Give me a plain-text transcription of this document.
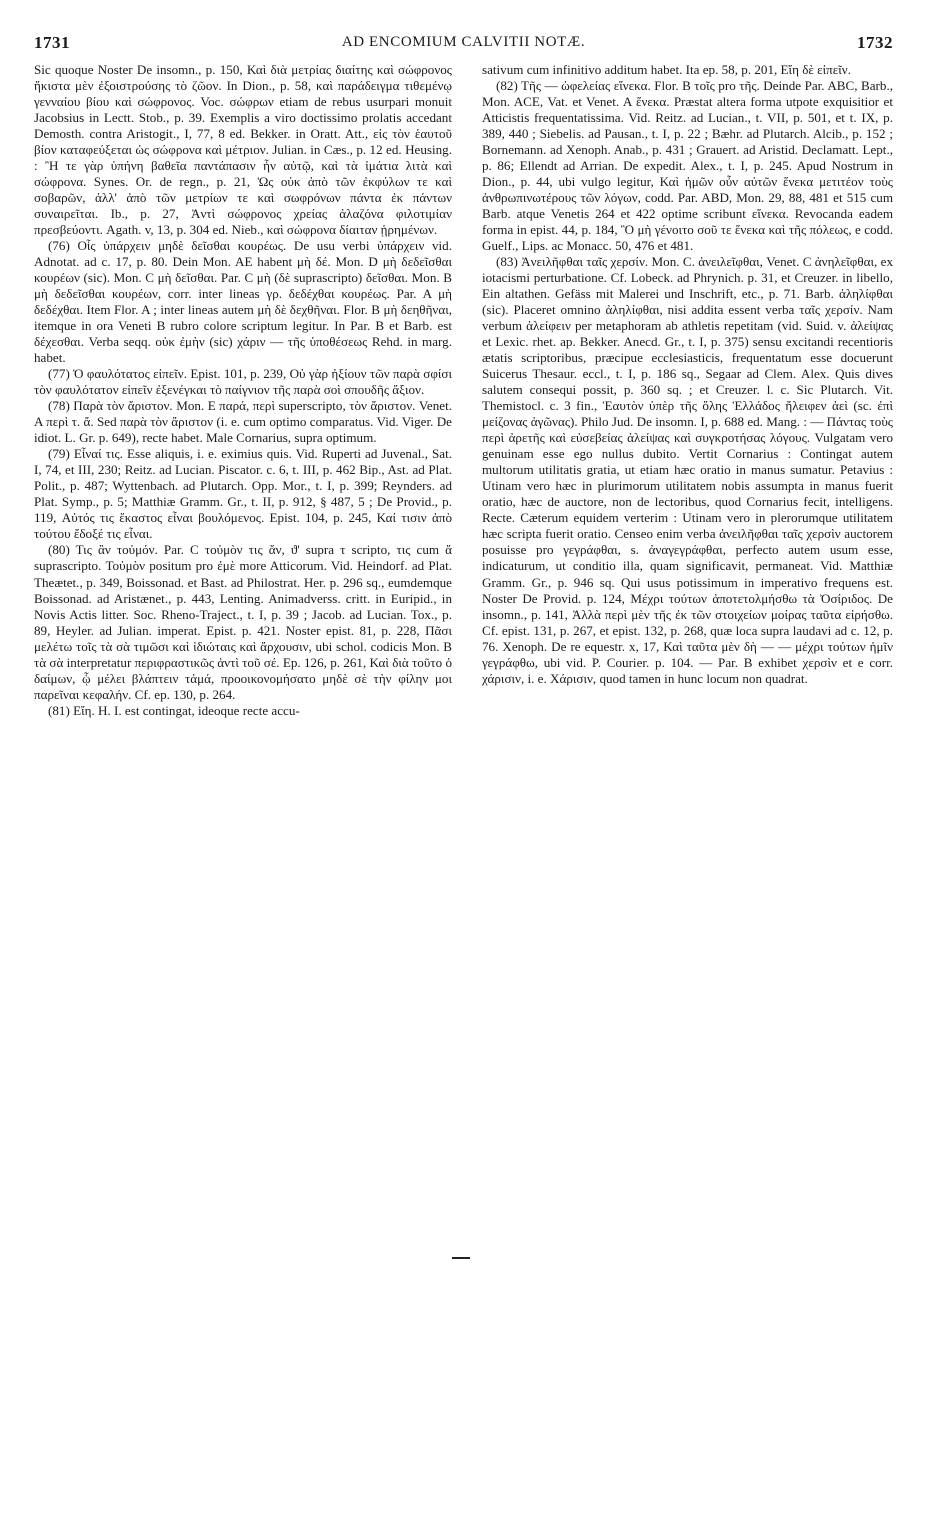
1731	AD ENCOMIUM CALVITII NOTÆ.	1732

Sic quoque Noster De insomn., p. 150, Καὶ διὰ μετρίας διαίτης καὶ σώφρονος ἥκιστα μὲν ἐξοιστρούσης τὸ ζῶον. In Dion., p. 58, καὶ παράδειγμα τιθεμένῳ γενναίου βίου καὶ σώφρονος. Voc. σώφρων etiam de rebus usurpari monuit Jacobsius in Lectt. Stob., p. 39. Exemplis a viro doctissimo prolatis accedant Demosth. contra Aristogit., I, 77, 8 ed. Bekker. in Oratt. Att., εἰς τὸν ἑαυτοῦ βίον καταφεύξεται ὡς σώφρονα καὶ μέτριον. Julian. in Cæs., p. 12 ed. Heusing. : Ἢ τε γὰρ ὑπήνη βαθεῖα παντάπασιν ἦν αὐτῷ, καὶ τὰ ἱμάτια λιτὰ καὶ σώφρονα. Synes. Or. de regn., p. 21, Ὡς οὐκ ἀπὸ τῶν ἐκφύλων τε καὶ σοβαρῶν, ἀλλ' ἀπὸ τῶν μετρίων τε καὶ σωφρόνων πάντα ἐκ πάντων συναιρεῖται. Ib., p. 27, Ἀντὶ σώφρονος χρείας ἀλαζόνα φιλοτιμίαν πρεσβεύοντι. Agath. v, 13, p. 304 ed. Nieb., καὶ σώφρονα δίαιταν ᾑρημένων.

(76) Οἷς ὑπάρχειν μηδὲ δεῖσθαι κουρέως. De usu verbi ὑπάρχειν vid. Adnotat. ad c. 17, p. 80. Dein Mon. AE habent μὴ δέ. Mon. D μὴ δεδεῖσθαι κουρέων (sic). Mon. C μὴ δεῖσθαι. Par. C μὴ (δὲ suprascripto) δεῖσθαι. Mon. B μὴ δεδεῖσθαι κουρέων, corr. inter lineas γρ. δεδέχθαι κουρέως. Par. A μὴ δεδέχθαι. Item Flor. A ; inter lineas autem μὴ δὲ δεχθῆναι. Flor. B μὴ δεηθῆναι, itemque in ora Veneti B rubro colore scriptum legitur. In Par. B et Barb. est δέχεσθαι. Verba seqq. οὐκ ἐμὴν (sic) χάριν — τῆς ὑποθέσεως Rehd. in marg. habet.

(77) Ὁ φαυλότατος εἰπεῖν. Epist. 101, p. 239, Οὐ γὰρ ἠξίουν τῶν παρὰ σφίσι τὸν φαυλότατον εἰπεῖν ἐξενέγκαι τὸ παίγνιον τῆς παρὰ σοὶ σπουδῆς ἄξιον.

(78) Παρὰ τὸν ἄριστον. Mon. E παρά, περὶ superscripto, τὸν ἄριστον. Venet. A περὶ τ. ἄ. Sed παρὰ τὸν ἄριστον (i. e. cum optimo comparatus. Vid. Viger. De idiot. L. Gr. p. 649), recte habet. Male Cornarius, supra optimum.

(79) Εἶναί τις. Esse aliquis, i. e. eximius quis. Vid. Ruperti ad Juvenal., Sat. I, 74, et III, 230; Reitz. ad Lucian. Piscator. c. 6, t. III, p. 462 Bip., Ast. ad Plat. Polit., p. 487; Wyttenbach. ad Plutarch. Opp. Mor., t. I, p. 399; Reynders. ad Plat. Symp., p. 5; Matthiæ Gramm. Gr., t. II, p. 912, § 487, 5 ; De Provid., p. 119, Αὐτός τις ἕκαστος εἶναι βουλόμενος. Epist. 104, p. 245, Καί τισιν ἀπὸ τούτου ἔδοξέ τις εἶναι.

(80) Τις ἂν τοὐμόν. Par. C τοὐμὸν τις ἄν, ϑ' supra τ scripto, τις cum ἄ suprascripto. Τοὐμὸν positum pro ἐμὲ more Atticorum. Vid. Heindorf. ad Plat. Theætet., p. 349, Boissonad. et Bast. ad Philostrat. Her. p. 296 sq., eumdemque Boissonad. ad Aristænet., p. 443, Lenting. Animadverss. critt. in Euripid., in Novis Actis litter. Soc. Rheno-Traject., t. I, p. 39 ; Jacob. ad Lucian. Tox., p. 89, Heyler. ad Julian. imperat. Epist. p. 421. Noster epist. 81, p. 228, Πᾶσι μελέτω τοῖς τὰ σὰ τιμῶσι καὶ ἰδιώταις καὶ ἄρχουσιν, ubi schol. codicis Mon. B τὰ σὰ interpretatur περιφραστικῶς ἀντὶ τοῦ σέ. Ep. 126, p. 261, Καὶ διὰ τοῦτο ὁ δαίμων, ᾧ μέλει βλάπτειν τἀμά, προοικονομήσατο μηδὲ σὲ τὴν φίλην μοι παρεῖναι κεφαλήν. Cf. ep. 130, p. 264.

(81) Εἴη. H. I. est contingat, ideoque recte accu-

sativum cum infinitivo additum habet. Ita ep. 58, p. 201, Εἴη δὲ εἰπεῖν.

(82) Τῆς — ὠφελείας εἵνεκα. Flor. B τοῖς pro τῆς. Deinde Par. ABC, Barb., Mon. ACE, Vat. et Venet. A ἕνεκα. Præstat altera forma utpote exquisitior et Atticistis frequentatissima. Vid. Reitz. ad Lucian., t. VII, p. 501, et t. IX, p. 389, 440 ; Siebelis. ad Pausan., t. I, p. 22 ; Bæhr. ad Plutarch. Alcib., p. 152 ; Bornemann. ad Xenoph. Anab., p. 431 ; Grauert. ad Aristid. Declamatt. Lept., p. 86; Ellendt ad Arrian. De expedit. Alex., t. I, p. 245. Apud Nostrum in Dion., p. 44, ubi vulgo legitur, Καὶ ἡμῶν οὖν αὐτῶν ἕνεκα μετιτέον τοὺς ἀνθρωπινωτέρους τῶν λόγων, codd. Par. ABD, Mon. 29, 88, 481 et 515 cum Barb. atque Venetis 264 et 422 optime scribunt εἵνεκα. Revocanda eadem forma in epist. 44, p. 184, Ὃ μὴ γένοιτο σοῦ τε ἕνεκα καὶ τῆς πόλεως, e codd. Guelf., Lips. ac Monacc. 50, 476 et 481.

(83) Ἀνειλῆφθαι ταῖς χερσίν. Mon. C. ἀνειλεῖφθαι, Venet. C ἀνηλεῖφθαι, ex iotacismi perturbatione. Cf. Lobeck. ad Phrynich. p. 31, et Creuzer. in libello, Ein altathen. Gefäss mit Malerei und Inschrift, etc., p. 71. Barb. ἀληλίφθαι (sic). Placeret omnino ἀληλίφθαι, nisi addita essent verba ταῖς χερσίν. Nam verbum ἀλείφειν per metaphoram ab athletis repetitam (vid. Suid. v. ἀλείψας et Lexic. rhet. ap. Bekker. Anecd. Gr., t. I, p. 375) sensu excitandi recentioris ætatis scriptoribus, præcipue ecclesiasticis, frequentatum esse docuerunt Suicerus Thesaur. eccl., t. I, p. 186 sq., Segaar ad Clem. Alex. Quis dives salutem consequi possit, p. 360 sq. ; et Creuzer. l. c. Sic Plutarch. Vit. Themistocl. c. 3 fin., Ἑαυτὸν ὑπὲρ τῆς ὅλης Ἑλλάδος ἤλειφεν ἀεὶ (sc. ἐπὶ μείζονας ἀγῶνας). Philo Jud. De insomn. I, p. 688 ed. Mang. : — Πάντας τοὺς περὶ ἀρετῆς καὶ εὐσεβείας ἀλείψας καὶ συγκροτήσας λόγους. Vulgatam vero genuinam esse ego nullus dubito. Vertit Cornarius : Contingat autem multorum utilitatis gratia, ut etiam hæc oratio in manus sumatur. Petavius : Utinam vero hæc in plurimorum utilitatem nobis assumpta in manus fuerit oratio, hæc de auctore, non de lectoribus, quod Cornarius fecit, intelligens. Recte. Cæterum equidem verterim : Utinam vero in plerorumque utilitatem hæc scripta fuerit oratio. Censeo enim verba ἀνειλῆφθαι ταῖς χερσὶν auctorem posuisse pro γεγράφθαι, s. ἀναγεγράφθαι, perfecto autem usum esse, indicaturum, ut conditio illa, quam significavit, permaneat. Vid. Matthiæ Gramm. Gr., p. 946 sq. Qui usus potissimum in imperativo frequens est. Noster De Provid. p. 124, Μέχρι τούτων ἀποτετολμήσθω τὰ Ὀσίριδος. De insomn., p. 141, Ἀλλὰ περὶ μὲν τῆς ἐκ τῶν στοιχείων μοίρας ταῦτα εἰρήσθω. Cf. epist. 131, p. 267, et epist. 132, p. 268, quæ loca supra laudavi ad c. 12, p. 76. Xenoph. De re equestr. x, 17, Καὶ ταῦτα μὲν δὴ — — μέχρι τούτων ἡμῖν γεγράφθω, ubi vid. P. Courier. p. 104. — Par. B exhibet χερσὶν et e corr. χάρισιν, i. e. Χάρισιν, quod tamen in hunc locum non quadrat.
